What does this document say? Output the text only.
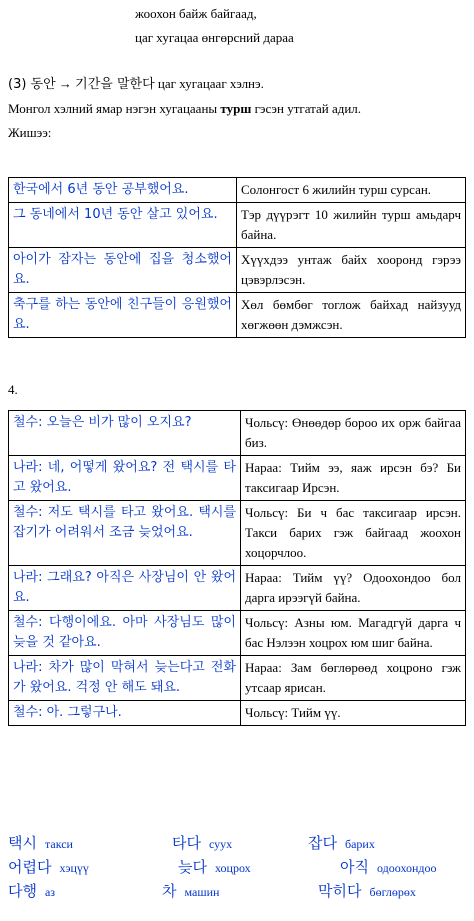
жоохон байж байгаад,
цаг хугацаа өнгөрсний дараа
(3) 동안 → 기간을 말한다 цаг хугацааг хэлнэ.
Монгол хэлний ямар нэгэн хугацааны турш гэсэн утгатай адил.
Жишээ:
한국에서 6년 동안 공부했어요.	Солонгост 6 жилийн турш сурсан.
그 동네에서 10년 동안 살고 있어요.	Тэр дүүрэгт 10 жилийн турш амьдарч байна.
아이가 잠자는 동안에 집을 청소했어요.	Хүүхдээ унтаж байх хооронд гэрээ цэвэрлэсэн.
축구를 하는 동안에 친구들이 응원했어요.	Хөл бөмбөг тоглож байхад найзууд хөгжөөн дэмжсэн.
4.
철수: 오늘은 비가 많이 오지요?	Чольсү: Өнөөдөр бороо их орж байгаа биз.
나라: 네, 어떻게 왔어요? 전 택시를 타고 왔어요.	Нараа: Тийм ээ, яаж ирсэн бэ? Би таксигаар Ирсэн.
철수: 저도 택시를 타고 왔어요. 택시를 잡기가 어려워서 조금 늦었어요.	Чольсү: Би ч бас таксигаар ирсэн. Такси барих гэж байгаад жоохон хоцорчлоо.
나라: 그래요? 아직은 사장님이 안 왔어요.	Нараа: Тийм үү? Одоохондоо бол дарга ирээгүй байна.
철수: 다행이에요. 아마 사장님도 많이 늦을 것 같아요.	Чольсү: Азны юм. Магадгүй дарга ч бас Нэлээн хоцрох юм шиг байна.
나라: 차가 많이 막혀서 늦는다고 전화가 왔어요. 걱정 안 해도 돼요.	Нараа: Зам бөглөрөөд хоцроно гэж утсаар ярисан.
철수: 아. 그렇구나.	Чольсү: Тийм үү.
택시 такси	타다 суух	잡다 барих
어렵다 хэцүү	늦다 хоцрох	아직 одоохондоо
다행 аз	차 машин	막히다 бөглөрөх
